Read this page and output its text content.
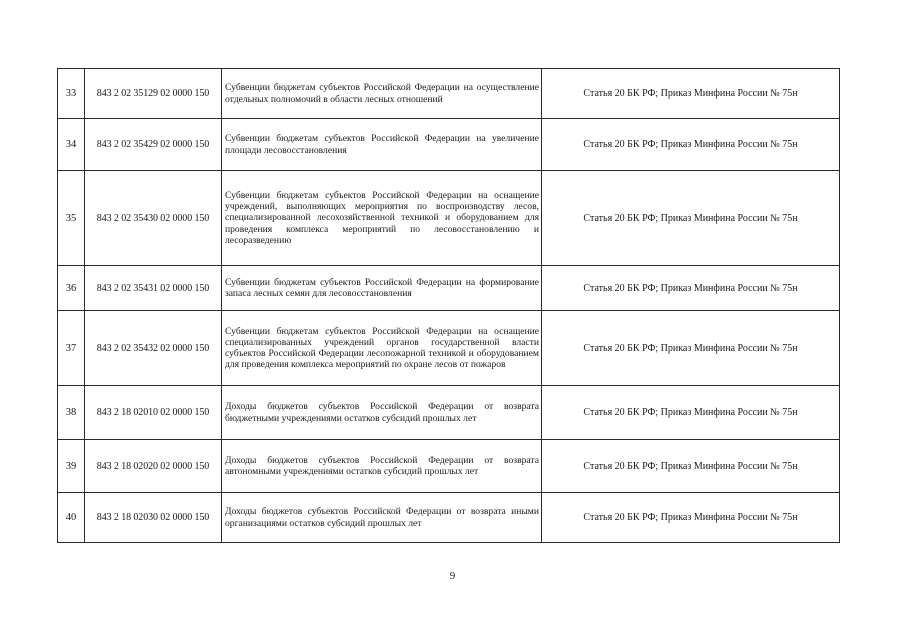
33	843 2 02 35129 02 0000 150	Субвенции бюджетам субъектов Российской Федерации на осуществление отдельных полномочий в области лесных отношений	Статья 20 БК РФ; Приказ Минфина России № 75н
34	843 2 02 35429 02 0000 150	Субвенции бюджетам субъектов Российской Федерации на увеличение площади лесовосстановления	Статья 20 БК РФ; Приказ Минфина России № 75н
35	843 2 02 35430 02 0000 150	Субвенции бюджетам субъектов Российской Федерации на оснащение учреждений, выполняющих мероприятия по воспроизводству лесов, специализированной лесохозяйственной техникой и оборудованием для проведения комплекса мероприятий по лесовосстановлению и лесоразведению	Статья 20 БК РФ; Приказ Минфина России № 75н
36	843 2 02 35431 02 0000 150	Субвенции бюджетам субъектов Российской Федерации на формирование запаса лесных семян для лесовосстановления	Статья 20 БК РФ; Приказ Минфина России № 75н
37	843 2 02 35432 02 0000 150	Субвенции бюджетам субъектов Российской Федерации на оснащение специализированных учреждений органов государственной власти субъектов Российской Федерации лесопожарной техникой и оборудованием для проведения комплекса мероприятий по охране лесов от пожаров	Статья 20 БК РФ; Приказ Минфина России № 75н
38	843 2 18 02010 02 0000 150	Доходы бюджетов субъектов Российской Федерации от возврата бюджетными учреждениями остатков субсидий прошлых лет	Статья 20 БК РФ; Приказ Минфина России № 75н
39	843 2 18 02020 02 0000 150	Доходы бюджетов субъектов Российской Федерации от возврата автономными учреждениями остатков субсидий прошлых лет	Статья 20 БК РФ; Приказ Минфина России № 75н
40	843 2 18 02030 02 0000 150	Доходы бюджетов субъектов Российской Федерации от возврата иными организациями остатков субсидий прошлых лет	Статья 20 БК РФ; Приказ Минфина России № 75н
9
